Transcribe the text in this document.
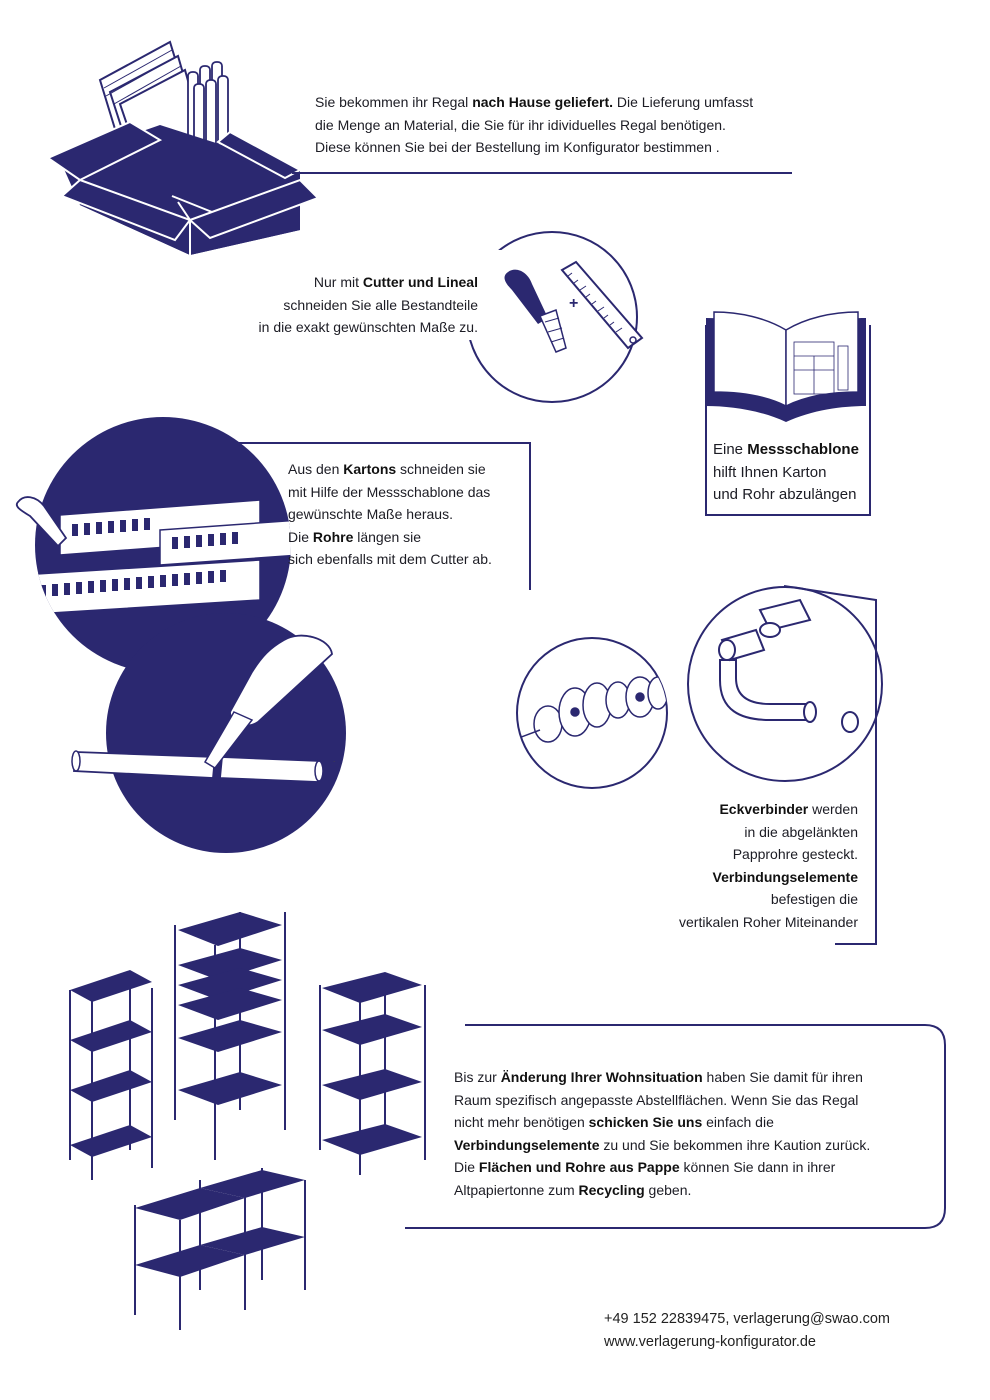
+
.
Sie bekommen ihr Regal nach Hause geliefert. Die Lieferung umfasst
die Menge an Material, die Sie für ihr idividuelles Regal benötigen.
Diese können Sie bei der Bestellung im Konfigurator bestimmen .
Nur mit Cutter und Lineal
schneiden Sie alle Bestandteile
in die exakt gewünschten Maße zu.
Eine Messschablone
hilft Ihnen Karton
und Rohr abzulängen
Aus den Kartons schneiden sie
mit Hilfe der Messschablone das
gewünschte Maße heraus.
Die Rohre längen sie
sich ebenfalls mit dem Cutter ab.
Eckverbinder werden
in die abgelänkten
Papprohre gesteckt.
Verbindungselemente
befestigen die
vertikalen Roher Miteinander
Bis zur Änderung Ihrer Wohnsituation haben Sie damit für ihren
Raum spezifisch angepasste Abstellflächen. Wenn Sie das Regal
nicht mehr benötigen schicken Sie uns einfach die
Verbindungselemente zu und Sie bekommen ihre Kaution zurück.
Die Flächen und Rohre aus Pappe können Sie dann in ihrer
Altpapiertonne zum Recycling geben.
+49 152 22839475, verlagerung@swao.com
www.verlagerung-konfigurator.de
